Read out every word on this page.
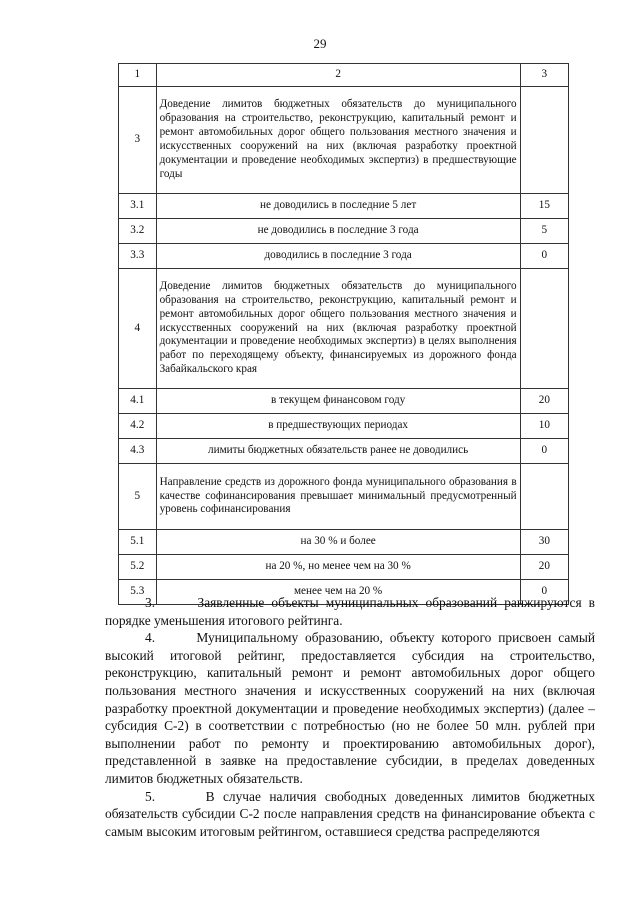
29
1	2	3
3	Доведение лимитов бюджетных обязательств до муниципального образования на строительство, реконструкцию, капитальный ремонт и ремонт автомобильных дорог общего пользования местного значения и искусственных сооружений на них (включая разработку проектной документации и проведение необходимых экспертиз) в предшествующие годы	
3.1	не доводились в последние 5 лет	15
3.2	не доводились в последние 3 года	5
3.3	доводились в последние 3 года	0
4	Доведение лимитов бюджетных обязательств до муниципального образования на строительство, реконструкцию, капитальный ремонт и ремонт автомобильных дорог общего пользования местного значения и искусственных сооружений на них (включая разработку проектной документации и проведение необходимых экспертиз) в целях выполнения работ по переходящему объекту, финансируемых из дорожного фонда Забайкальского края	
4.1	в текущем финансовом году	20
4.2	в предшествующих периодах	10
4.3	лимиты бюджетных обязательств ранее не доводились	0
5	Направление средств из дорожного фонда муниципального образования в качестве софинансирования превышает минимальный предусмотренный уровень софинансирования	
5.1	на 30 % и более	30
5.2	на 20 %, но менее чем на 30 %	20
5.3	менее чем на 20 %	0

3.      Заявленные объекты муниципальных образований ранжируются в порядке уменьшения итогового рейтинга.

4.      Муниципальному образованию, объекту которого присвоен самый высокий итоговой рейтинг, предоставляется субсидия на строительство, реконструкцию, капитальный ремонт и ремонт автомобильных дорог общего пользования местного значения и искусственных сооружений на них (включая разработку проектной документации и проведение необходимых экспертиз) (далее – субсидия С-2) в соответствии с потребностью (но не более 50 млн. рублей при выполнении работ по ремонту и проектированию автомобильных дорог), представленной в заявке на предоставление субсидии, в пределах доведенных лимитов бюджетных обязательств.

5.      В случае наличия свободных доведенных лимитов бюджетных обязательств субсидии С-2 после направления средств на финансирование объекта с самым высоким итоговым рейтингом, оставшиеся средства распределяются
